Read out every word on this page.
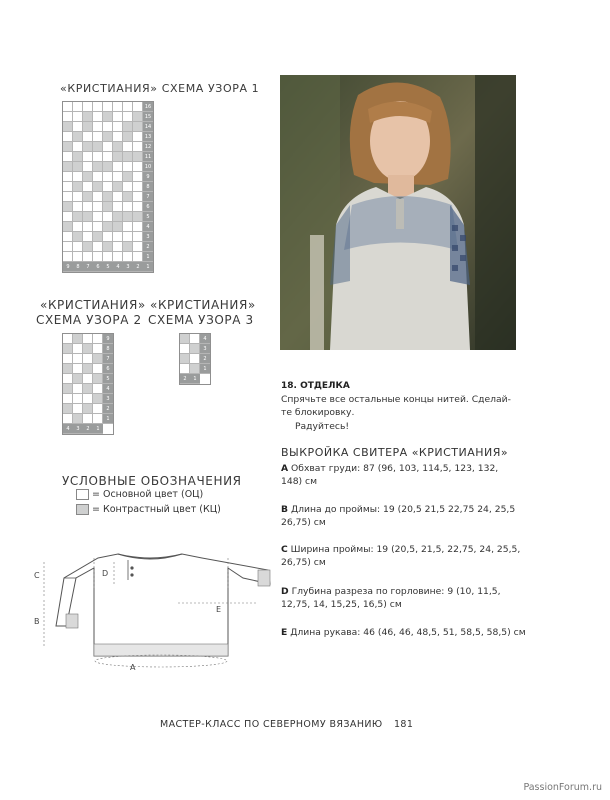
«КРИСТИАНИЯ» СХЕМА УЗОРА 1
16
15
14
13
12
11
10
9
8
7
6
5
4
3
2
1
9	8	7	6	5	4	3	2	1
«КРИСТИАНИЯ»
СХЕМА УЗОРА 2
9
8
7
6
5
4
3
2
1
4	3	2	1
«КРИСТИАНИЯ»
СХЕМА УЗОРА 3
4
3
2
1
2	1
УСЛОВНЫЕ ОБОЗНАЧЕНИЯ
= Основной цвет (ОЦ)
= Контрастный цвет (КЦ)
C
B
D
E
A
18. ОТДЕЛКА
Спрячьте все остальные концы нитей. Сделай-
те блокировку.
Радуйтесь!
ВЫКРОЙКА СВИТЕРА «КРИСТИАНИЯ»
A Обхват груди: 87 (96, 103, 114,5, 123, 132,
148) см
B Длина до проймы: 19 (20,5 21,5 22,75 24, 25,5
26,75) см
C Ширина проймы: 19 (20,5, 21,5, 22,75, 24, 25,5,
26,75) см
D Глубина разреза по горловине: 9 (10, 11,5,
12,75, 14, 15,25, 16,5) см
E Длина рукава: 46 (46, 46, 48,5, 51, 58,5, 58,5) см
МАСТЕР-КЛАСС ПО СЕВЕРНОМУ ВЯЗАНИЮ 181
PassionForum.ru
